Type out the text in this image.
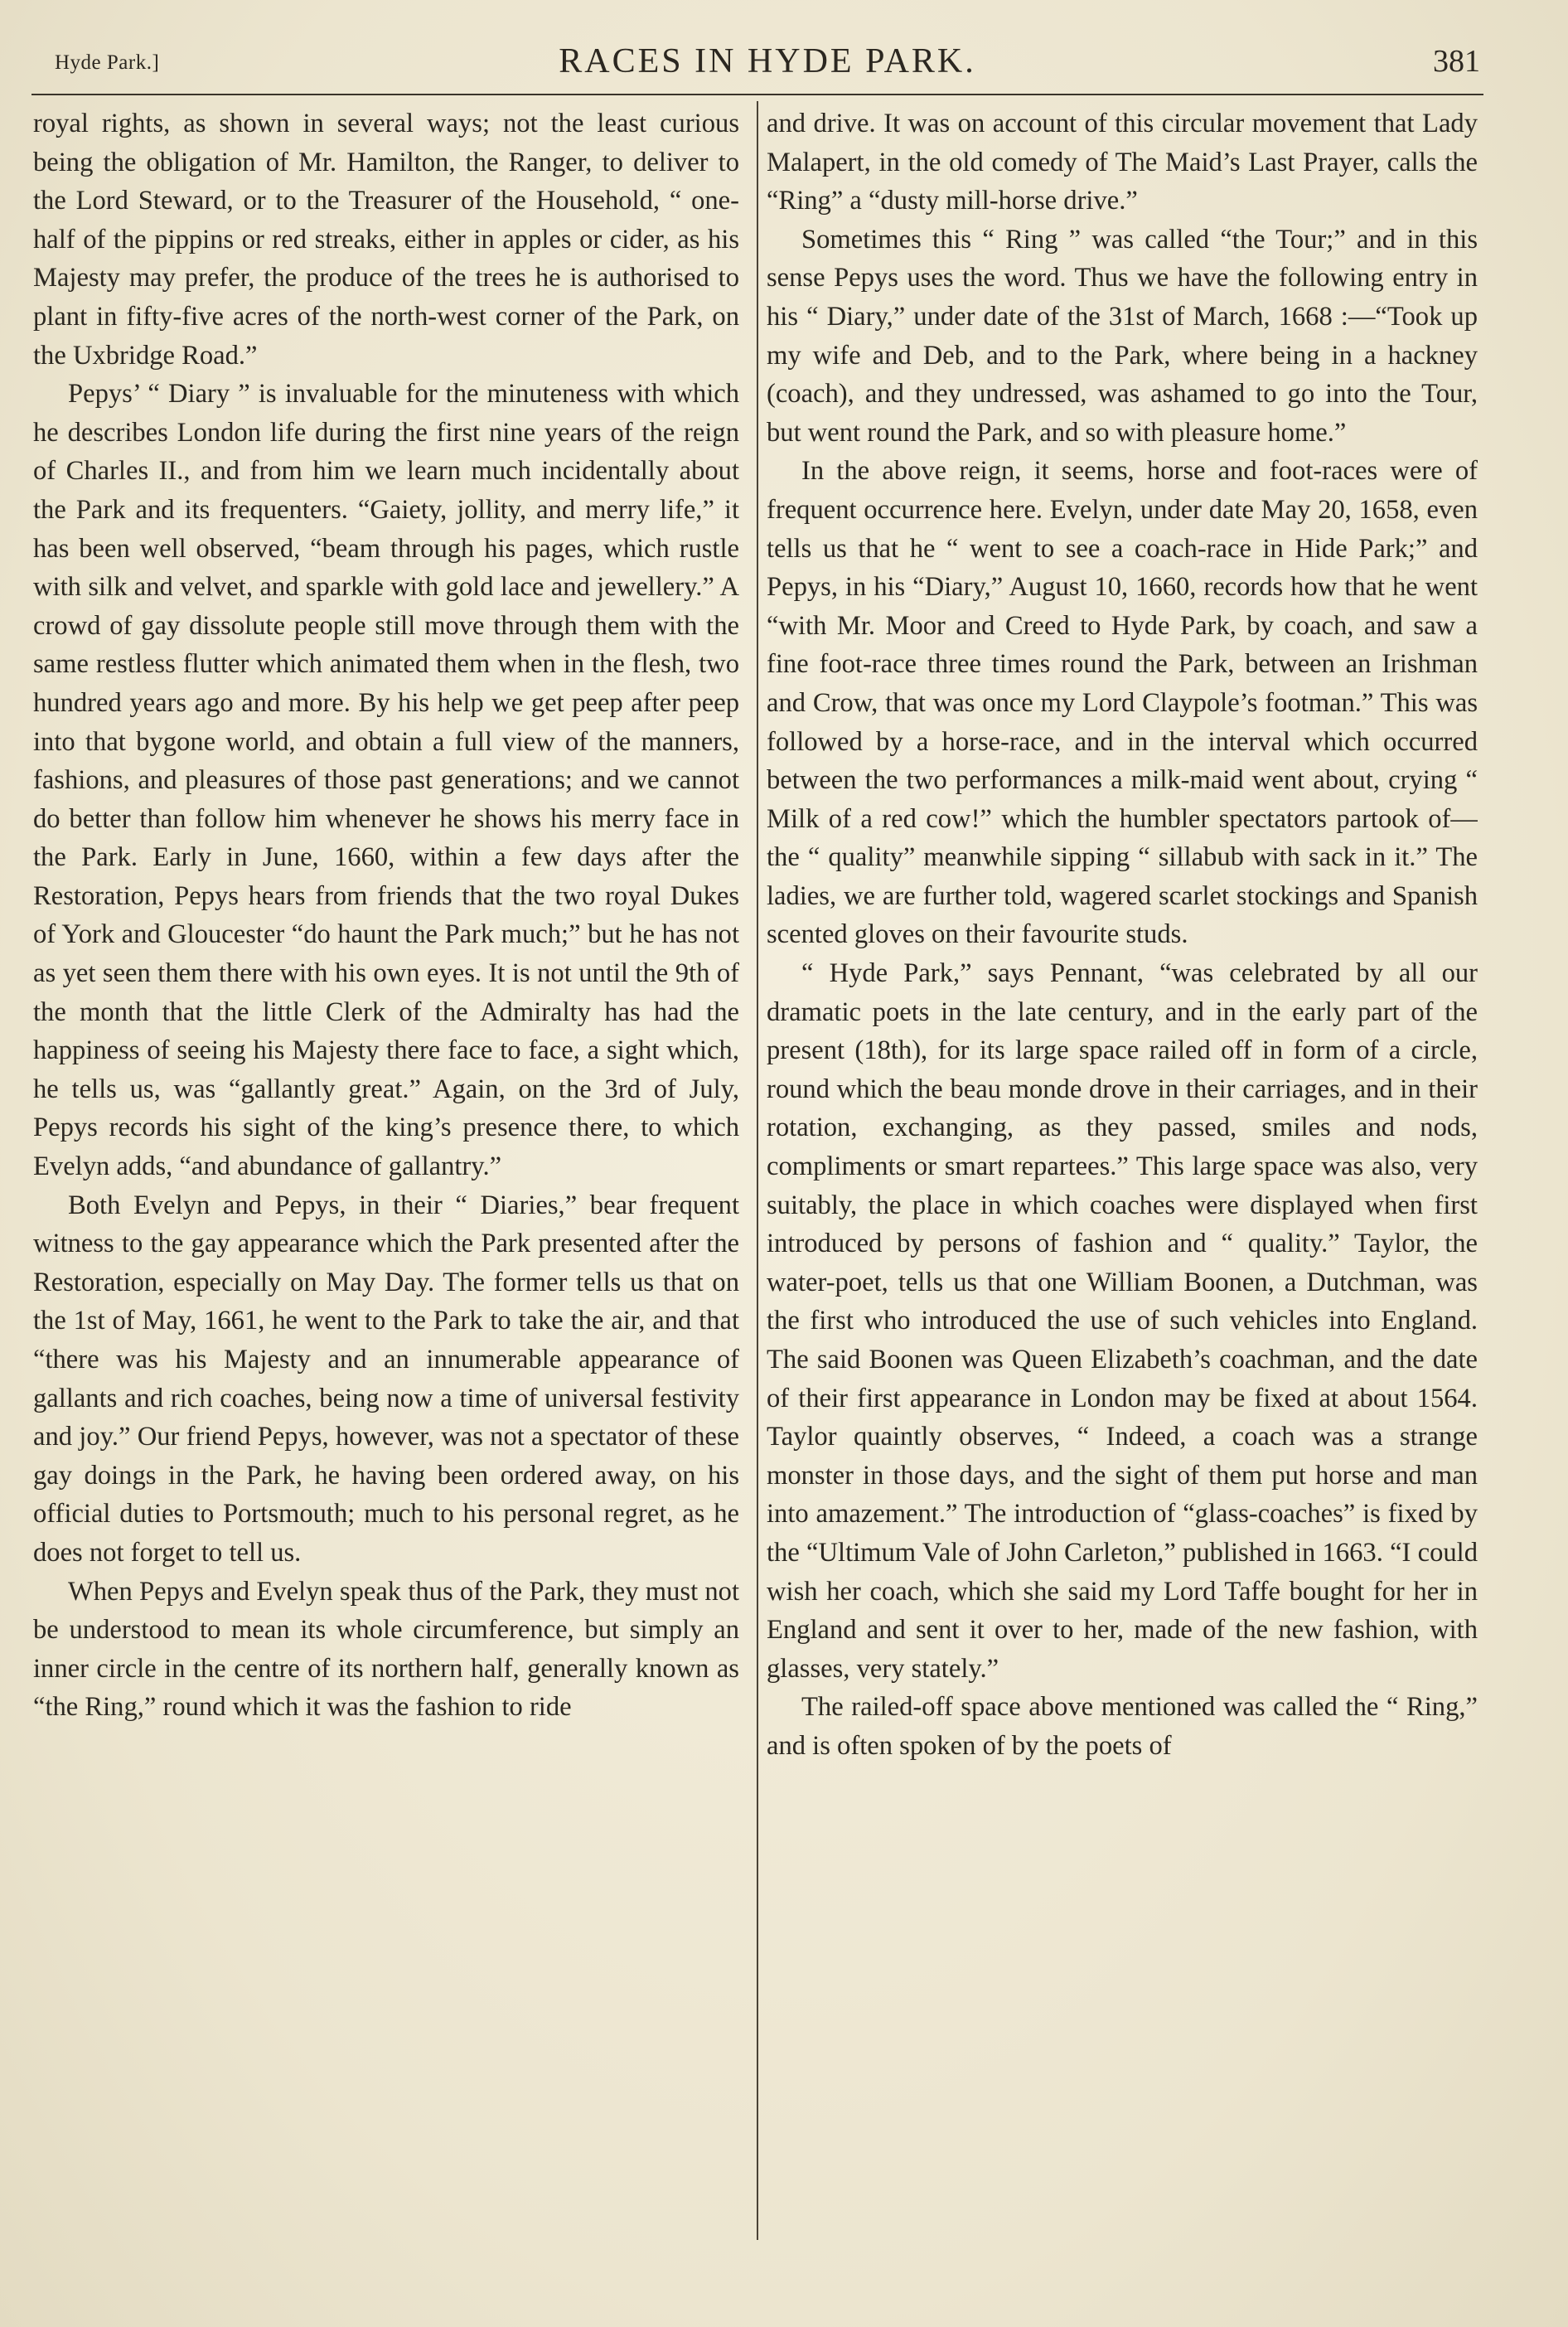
Hyde Park.]	RACES IN HYDE PARK.	381

royal rights, as shown in several ways; not the least curious being the obligation of Mr. Hamilton, the Ranger, to deliver to the Lord Steward, or to the Treasurer of the Household, “ one-half of the pippins or red streaks, either in apples or cider, as his Majesty may prefer, the produce of the trees he is authorised to plant in fifty-five acres of the north-west corner of the Park, on the Uxbridge Road.”

Pepys’ “ Diary ” is invaluable for the minuteness with which he describes London life during the first nine years of the reign of Charles II., and from him we learn much incidentally about the Park and its frequenters. “Gaiety, jollity, and merry life,” it has been well observed, “beam through his pages, which rustle with silk and velvet, and sparkle with gold lace and jewellery.” A crowd of gay dissolute people still move through them with the same restless flutter which animated them when in the flesh, two hundred years ago and more. By his help we get peep after peep into that bygone world, and obtain a full view of the manners, fashions, and pleasures of those past generations; and we cannot do better than follow him whenever he shows his merry face in the Park. Early in June, 1660, within a few days after the Restoration, Pepys hears from friends that the two royal Dukes of York and Gloucester “do haunt the Park much;” but he has not as yet seen them there with his own eyes. It is not until the 9th of the month that the little Clerk of the Admiralty has had the happiness of seeing his Majesty there face to face, a sight which, he tells us, was “gallantly great.” Again, on the 3rd of July, Pepys records his sight of the king’s presence there, to which Evelyn adds, “and abundance of gallantry.”

Both Evelyn and Pepys, in their “ Diaries,” bear frequent witness to the gay appearance which the Park presented after the Restoration, especially on May Day. The former tells us that on the 1st of May, 1661, he went to the Park to take the air, and that “there was his Majesty and an innumerable appearance of gallants and rich coaches, being now a time of universal festivity and joy.” Our friend Pepys, however, was not a spectator of these gay doings in the Park, he having been ordered away, on his official duties to Portsmouth; much to his personal regret, as he does not forget to tell us.

When Pepys and Evelyn speak thus of the Park, they must not be understood to mean its whole circumference, but simply an inner circle in the centre of its northern half, generally known as “the Ring,” round which it was the fashion to ride

and drive. It was on account of this circular movement that Lady Malapert, in the old comedy of The Maid’s Last Prayer, calls the “Ring” a “dusty mill-horse drive.”

Sometimes this “ Ring ” was called “the Tour;” and in this sense Pepys uses the word. Thus we have the following entry in his “ Diary,” under date of the 31st of March, 1668 :—“Took up my wife and Deb, and to the Park, where being in a hackney (coach), and they undressed, was ashamed to go into the Tour, but went round the Park, and so with pleasure home.”

In the above reign, it seems, horse and foot-races were of frequent occurrence here. Evelyn, under date May 20, 1658, even tells us that he “ went to see a coach-race in Hide Park;” and Pepys, in his “Diary,” August 10, 1660, records how that he went “with Mr. Moor and Creed to Hyde Park, by coach, and saw a fine foot-race three times round the Park, between an Irishman and Crow, that was once my Lord Claypole’s footman.” This was followed by a horse-race, and in the interval which occurred between the two performances a milk-maid went about, crying “ Milk of a red cow!” which the humbler spectators partook of—the “ quality” meanwhile sipping “ sillabub with sack in it.” The ladies, we are further told, wagered scarlet stockings and Spanish scented gloves on their favourite studs.

“ Hyde Park,” says Pennant, “was celebrated by all our dramatic poets in the late century, and in the early part of the present (18th), for its large space railed off in form of a circle, round which the beau monde drove in their carriages, and in their rotation, exchanging, as they passed, smiles and nods, compliments or smart repartees.” This large space was also, very suitably, the place in which coaches were displayed when first introduced by persons of fashion and “ quality.” Taylor, the water-poet, tells us that one William Boonen, a Dutchman, was the first who introduced the use of such vehicles into England. The said Boonen was Queen Elizabeth’s coachman, and the date of their first appearance in London may be fixed at about 1564. Taylor quaintly observes, “ Indeed, a coach was a strange monster in those days, and the sight of them put horse and man into amazement.” The introduction of “glass-coaches” is fixed by the “Ultimum Vale of John Carleton,” published in 1663. “I could wish her coach, which she said my Lord Taffe bought for her in England and sent it over to her, made of the new fashion, with glasses, very stately.”

The railed-off space above mentioned was called the “ Ring,” and is often spoken of by the poets of
